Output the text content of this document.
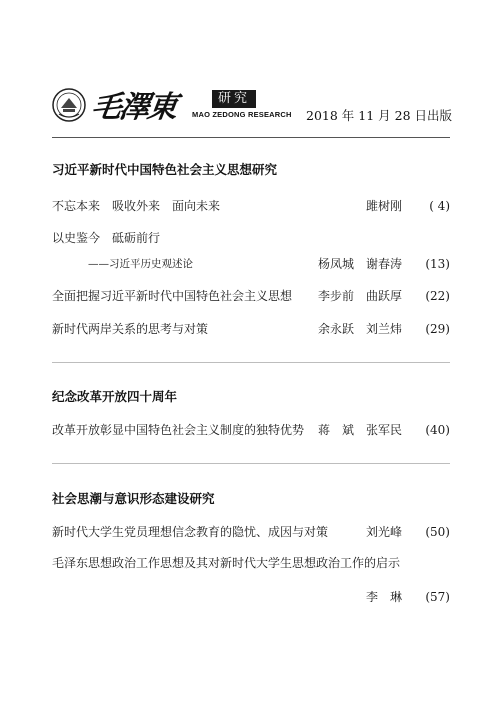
毛澤東	研究
MAO ZEDONG RESEARCH 2018 年 11 月 28 日出版
习近平新时代中国特色社会主义思想研究
不忘本来　吸收外来　面向未来	雎树刚 ( 4)
以史鉴今　砥砺前行
——习近平历史观述论	杨凤城　谢春涛 (13)
全面把握习近平新时代中国特色社会主义思想 李步前　曲跃厚 (22)
新时代两岸关系的思考与对策	余永跃　刘兰炜 (29)
纪念改革开放四十周年
改革开放彰显中国特色社会主义制度的独特优势 蒋　斌　张军民 (40)
社会思潮与意识形态建设研究
新时代大学生党员理想信念教育的隐忧、成因与对策	刘光峰 (50)
毛泽东思想政治工作思想及其对新时代大学生思想政治工作的启示
李　琳 (57)
